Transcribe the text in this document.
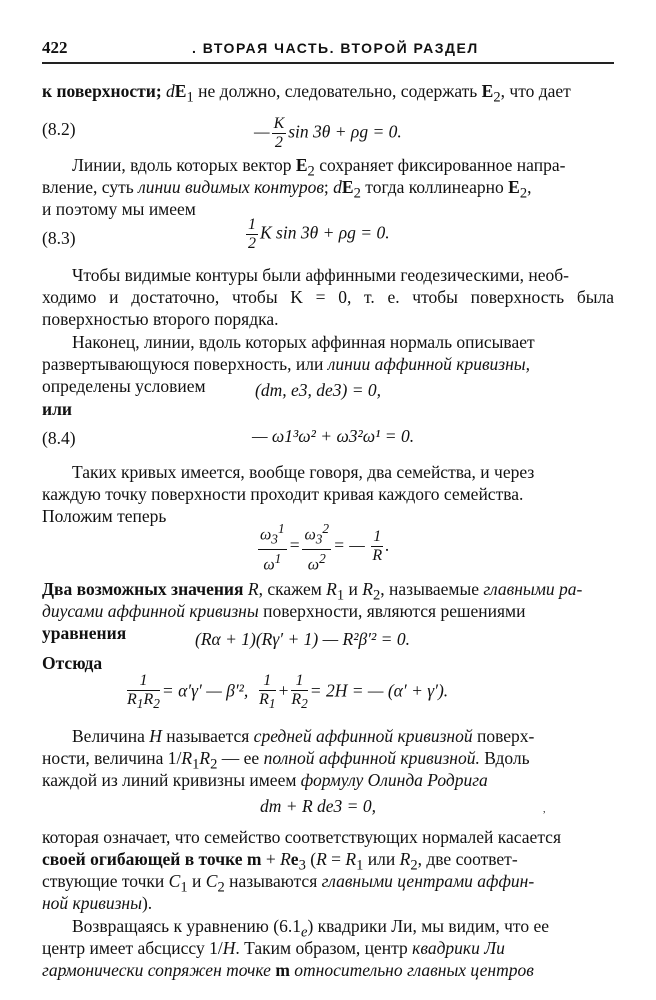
422	. ВТОРАЯ ЧАСТЬ. ВТОРОЙ РАЗДЕЛ
к поверхности; $dE_1$ не должно, следовательно, содержать $E_2$, что дает
(8.2)	— $\frac{K}{2}$ sin 3θ + ρg = 0.
Линии, вдоль которых вектор $E_2$ сохраняет фиксированное напра-
вление, суть линии видимых контуров; $dE_2$ тогда коллинеарно $E_2$,
и поэтому мы имеем
(8.3)	$\frac{1}{2}$ K sin 3θ + ρg = 0.
Чтобы видимые контуры были аффинными геодезическими, необ-
ходимо и достаточно, чтобы K = 0, т. е. чтобы поверхность была
поверхностью второго порядка.
Наконец, линии, вдоль которых аффинная нормаль описывает
развертывающуюся поверхность, или линии аффинной кривизны,
определены условием	(dm, e3, de3) = 0,
или
(8.4)	— ω1³ω² + ω3²ω¹ = 0.
Таких кривых имеется, вообще говоря, два семейства, и через
каждую точку поверхности проходит кривая каждого семейства.
Положим теперь
$\frac{\omega_3^1}{\omega^1} = \frac{\omega_3^2}{\omega^2}$ = — $\frac{1}{R}$ .
Два возможных значения R, скажем $R_1$ и $R_2$, называемые главными ра-
диусами аффинной кривизны поверхности, являются решениями
уравнения	(Rα + 1)(Rγ′ + 1) — R²β′² = 0.
Отсюда
$\frac{1}{R_1R_2} = \alpha'\gamma'$ — β′², $\frac{1}{R_1} + \frac{1}{R_2} = 2H$ = — (α′ + γ′).
Величина H называется средней аффинной кривизной поверх-
ности, величина $1/R_1R_2$ — ее полной аффинной кривизной. Вдоль
каждой из линий кривизны имеем формулу Олинда Родрига
dm + R de3 = 0,
которая означает, что семейство соответствующих нормалей касается
своей огибающей в точке $m + Re_3$ ($R = R_1$ или $R_2$, две соответ-
ствующие точки $C_1$ и $C_2$ называются главными центрами аффин-
ной кривизны).
Возвращаясь к уравнению $(6.1_e)$ квадрики Ли, мы видим, что ее
центр имеет абсциссу 1/H. Таким образом, центр квадрики Ли
гармонически сопряжен точке m относительно главных центров
,
